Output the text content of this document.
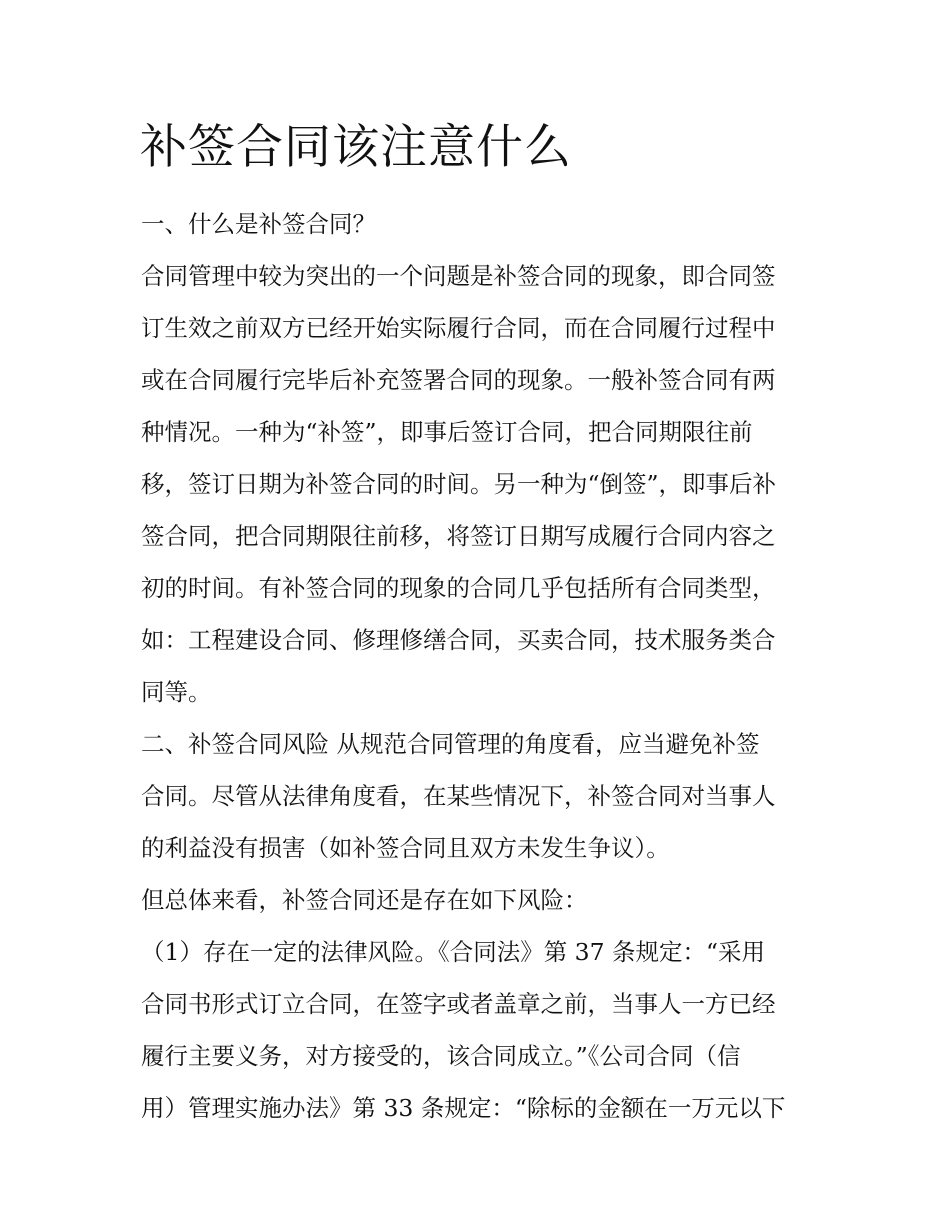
补签合同该注意什么
一、什么是补签合同？
合同管理中较为突出的一个问题是补签合同的现象，即合同签
订生效之前双方已经开始实际履行合同，而在合同履行过程中
或在合同履行完毕后补充签署合同的现象。一般补签合同有两
种情况。一种为“补签”，即事后签订合同，把合同期限往前
移，签订日期为补签合同的时间。另一种为“倒签”，即事后补
签合同，把合同期限往前移，将签订日期写成履行合同内容之
初的时间。有补签合同的现象的合同几乎包括所有合同类型，
如：工程建设合同、修理修缮合同，买卖合同，技术服务类合
同等。
二、补签合同风险 从规范合同管理的角度看，应当避免补签
合同。尽管从法律角度看，在某些情况下，补签合同对当事人
的利益没有损害（如补签合同且双方未发生争议）。
但总体来看，补签合同还是存在如下风险：
（1）存在一定的法律风险。《合同法》第 37 条规定：“采用
合同书形式订立合同，在签字或者盖章之前，当事人一方已经
履行主要义务，对方接受的，该合同成立。”《公司合同（信
用）管理实施办法》第 33 条规定：“除标的金额在一万元以下
